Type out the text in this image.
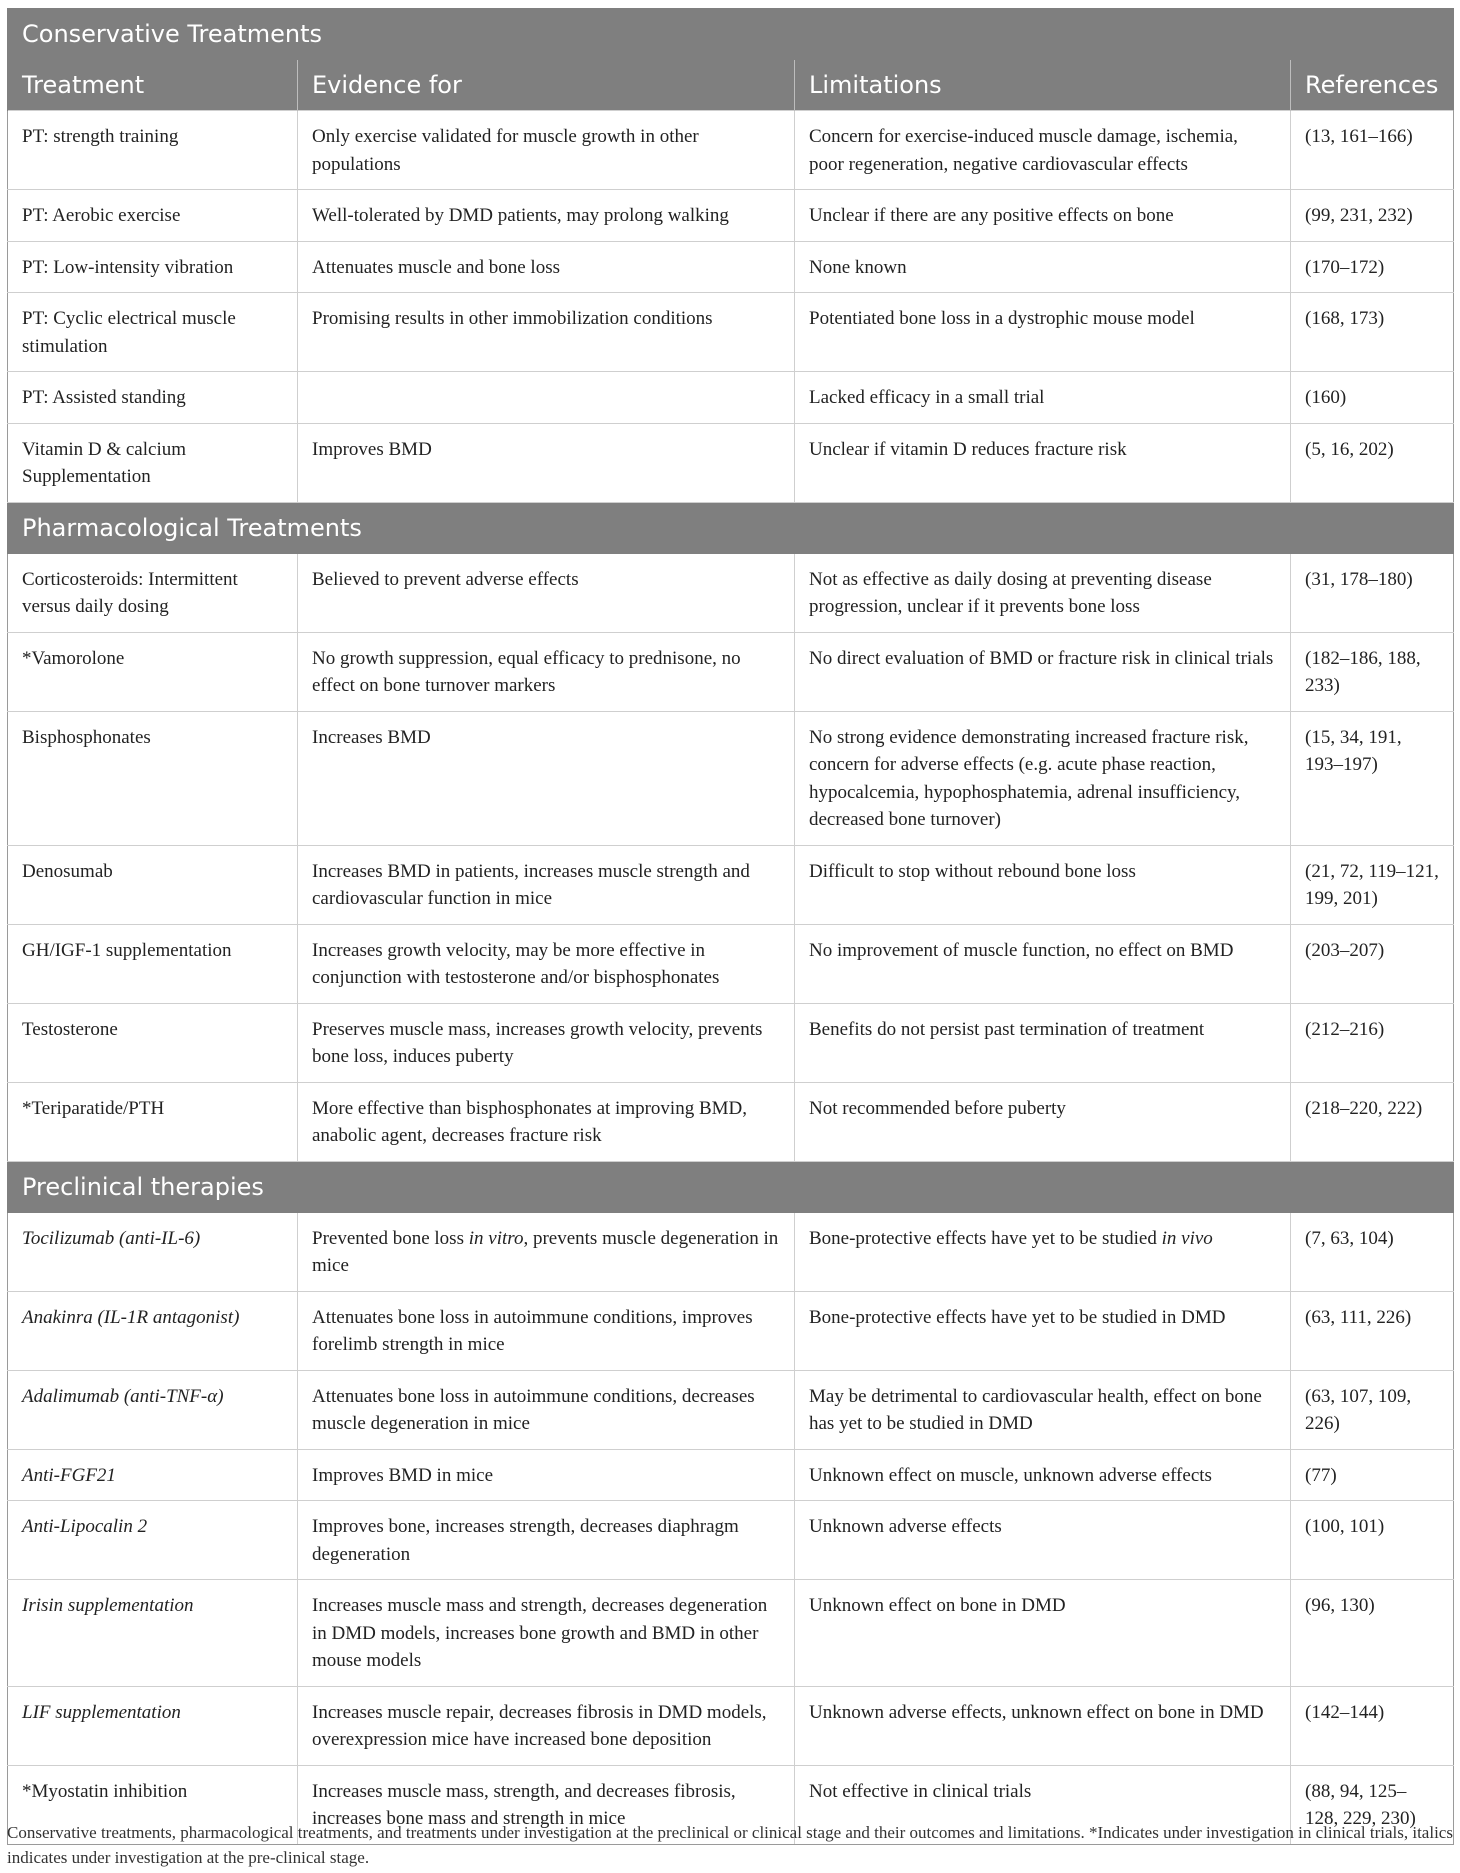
Conservative Treatments			
Treatment	Evidence for	Limitations	References
PT: strength training	Only exercise validated for muscle growth in other populations	Concern for exercise-induced muscle damage, ischemia, poor regeneration, negative cardiovascular effects	(13, 161–166)
PT: Aerobic exercise	Well-tolerated by DMD patients, may prolong walking	Unclear if there are any positive effects on bone	(99, 231, 232)
PT: Low-intensity vibration	Attenuates muscle and bone loss	None known	(170–172)
PT: Cyclic electrical muscle stimulation	Promising results in other immobilization conditions	Potentiated bone loss in a dystrophic mouse model	(168, 173)
PT: Assisted standing		Lacked efficacy in a small trial	(160)
Vitamin D & calcium Supplementation	Improves BMD	Unclear if vitamin D reduces fracture risk	(5, 16, 202)
Pharmacological Treatments			
Corticosteroids: Intermittent versus daily dosing	Believed to prevent adverse effects	Not as effective as daily dosing at preventing disease progression, unclear if it prevents bone loss	(31, 178–180)
*Vamorolone	No growth suppression, equal efficacy to prednisone, no effect on bone turnover markers	No direct evaluation of BMD or fracture risk in clinical trials	(182–186, 188, 233)
Bisphosphonates	Increases BMD	No strong evidence demonstrating increased fracture risk, concern for adverse effects (e.g. acute phase reaction, hypocalcemia, hypophosphatemia, adrenal insufficiency, decreased bone turnover)	(15, 34, 191, 193–197)
Denosumab	Increases BMD in patients, increases muscle strength and cardiovascular function in mice	Difficult to stop without rebound bone loss	(21, 72, 119–121, 199, 201)
GH/IGF-1 supplementation	Increases growth velocity, may be more effective in conjunction with testosterone and/or bisphosphonates	No improvement of muscle function, no effect on BMD	(203–207)
Testosterone	Preserves muscle mass, increases growth velocity, prevents bone loss, induces puberty	Benefits do not persist past termination of treatment	(212–216)
*Teriparatide/PTH	More effective than bisphosphonates at improving BMD, anabolic agent, decreases fracture risk	Not recommended before puberty	(218–220, 222)
Preclinical therapies			
Tocilizumab (anti-IL-6)	Prevented bone loss in vitro, prevents muscle degeneration in mice	Bone-protective effects have yet to be studied in vivo	(7, 63, 104)
Anakinra (IL-1R antagonist)	Attenuates bone loss in autoimmune conditions, improves forelimb strength in mice	Bone-protective effects have yet to be studied in DMD	(63, 111, 226)
Adalimumab (anti-TNF-α)	Attenuates bone loss in autoimmune conditions, decreases muscle degeneration in mice	May be detrimental to cardiovascular health, effect on bone has yet to be studied in DMD	(63, 107, 109, 226)
Anti-FGF21	Improves BMD in mice	Unknown effect on muscle, unknown adverse effects	(77)
Anti-Lipocalin 2	Improves bone, increases strength, decreases diaphragm degeneration	Unknown adverse effects	(100, 101)
Irisin supplementation	Increases muscle mass and strength, decreases degeneration in DMD models, increases bone growth and BMD in other mouse models	Unknown effect on bone in DMD	(96, 130)
LIF supplementation	Increases muscle repair, decreases fibrosis in DMD models, overexpression mice have increased bone deposition	Unknown adverse effects, unknown effect on bone in DMD	(142–144)
*Myostatin inhibition	Increases muscle mass, strength, and decreases fibrosis, increases bone mass and strength in mice	Not effective in clinical trials	(88, 94, 125–128, 229, 230)
Conservative treatments, pharmacological treatments, and treatments under investigation at the preclinical or clinical stage and their outcomes and limitations. *Indicates under investigation in clinical trials, italics indicates under investigation at the pre-clinical stage.
